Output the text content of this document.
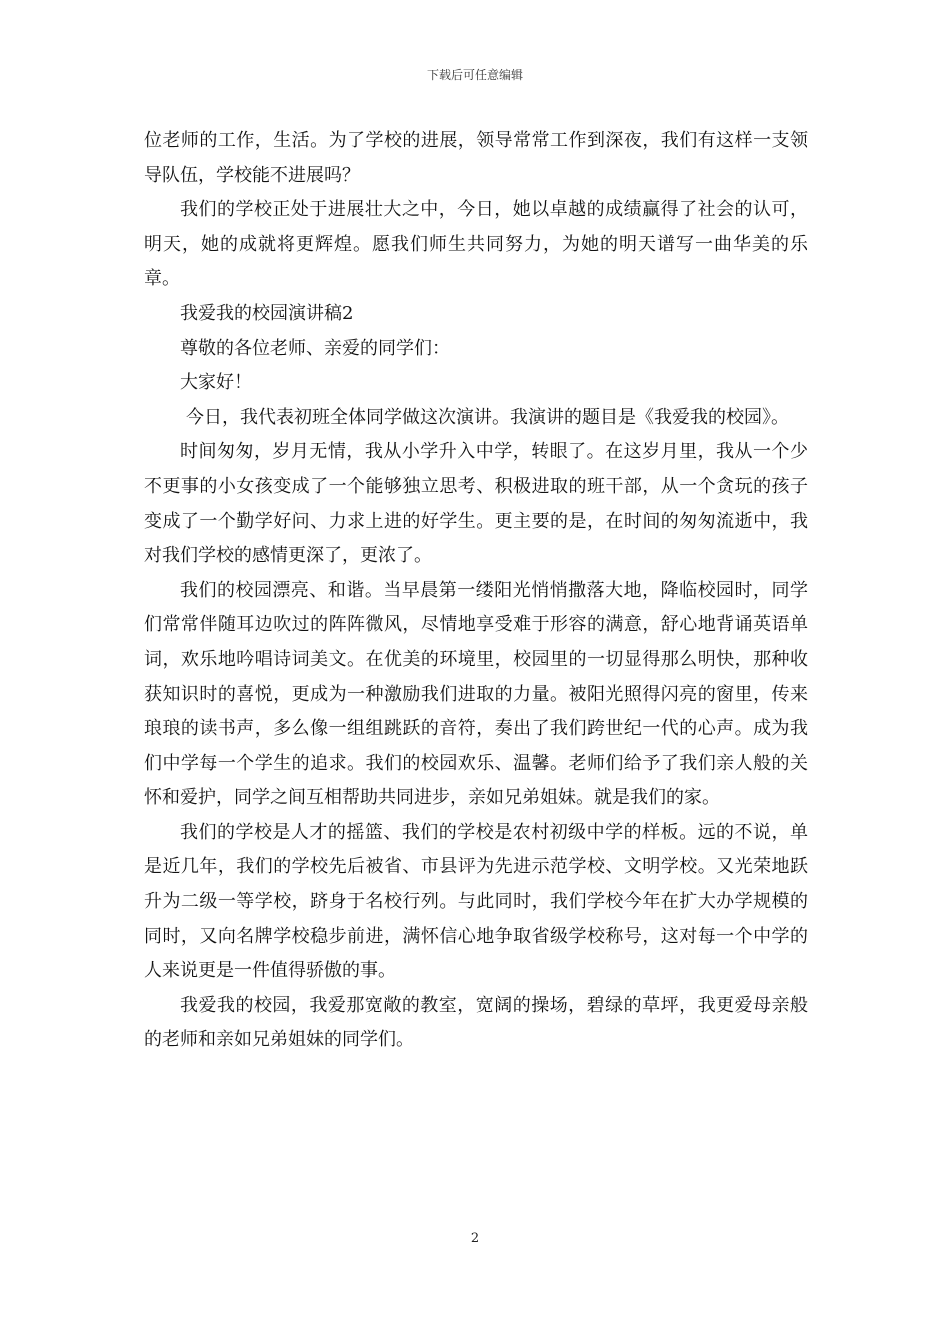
下载后可任意编辑

位老师的工作，生活。为了学校的进展，领导常常工作到深夜，我们有这样一支领导队伍，学校能不进展吗？

我们的学校正处于进展壮大之中，今日，她以卓越的成绩赢得了社会的认可，明天，她的成就将更辉煌。愿我们师生共同努力，为她的明天谱写一曲华美的乐章。

我爱我的校园演讲稿2

尊敬的各位老师、亲爱的同学们：

大家好！

今日，我代表初班全体同学做这次演讲。我演讲的题目是《我爱我的校园》。

时间匆匆，岁月无情，我从小学升入中学，转眼了。在这岁月里，我从一个少不更事的小女孩变成了一个能够独立思考、积极进取的班干部，从一个贪玩的孩子变成了一个勤学好问、力求上进的好学生。更主要的是，在时间的匆匆流逝中，我对我们学校的感情更深了，更浓了。

我们的校园漂亮、和谐。当早晨第一缕阳光悄悄撒落大地，降临校园时，同学们常常伴随耳边吹过的阵阵微风，尽情地享受难于形容的满意，舒心地背诵英语单词，欢乐地吟唱诗词美文。在优美的环境里，校园里的一切显得那么明快，那种收获知识时的喜悦，更成为一种激励我们进取的力量。被阳光照得闪亮的窗里，传来琅琅的读书声，多么像一组组跳跃的音符，奏出了我们跨世纪一代的心声。成为我们中学每一个学生的追求。我们的校园欢乐、温馨。老师们给予了我们亲人般的关怀和爱护，同学之间互相帮助共同进步，亲如兄弟姐妹。就是我们的家。

我们的学校是人才的摇篮、我们的学校是农村初级中学的样板。远的不说，单是近几年，我们的学校先后被省、市县评为先进示范学校、文明学校。又光荣地跃升为二级一等学校，跻身于名校行列。与此同时，我们学校今年在扩大办学规模的同时，又向名牌学校稳步前进，满怀信心地争取省级学校称号，这对每一个中学的人来说更是一件值得骄傲的事。

我爱我的校园，我爱那宽敞的教室，宽阔的操场，碧绿的草坪，我更爱母亲般的老师和亲如兄弟姐妹的同学们。

2
